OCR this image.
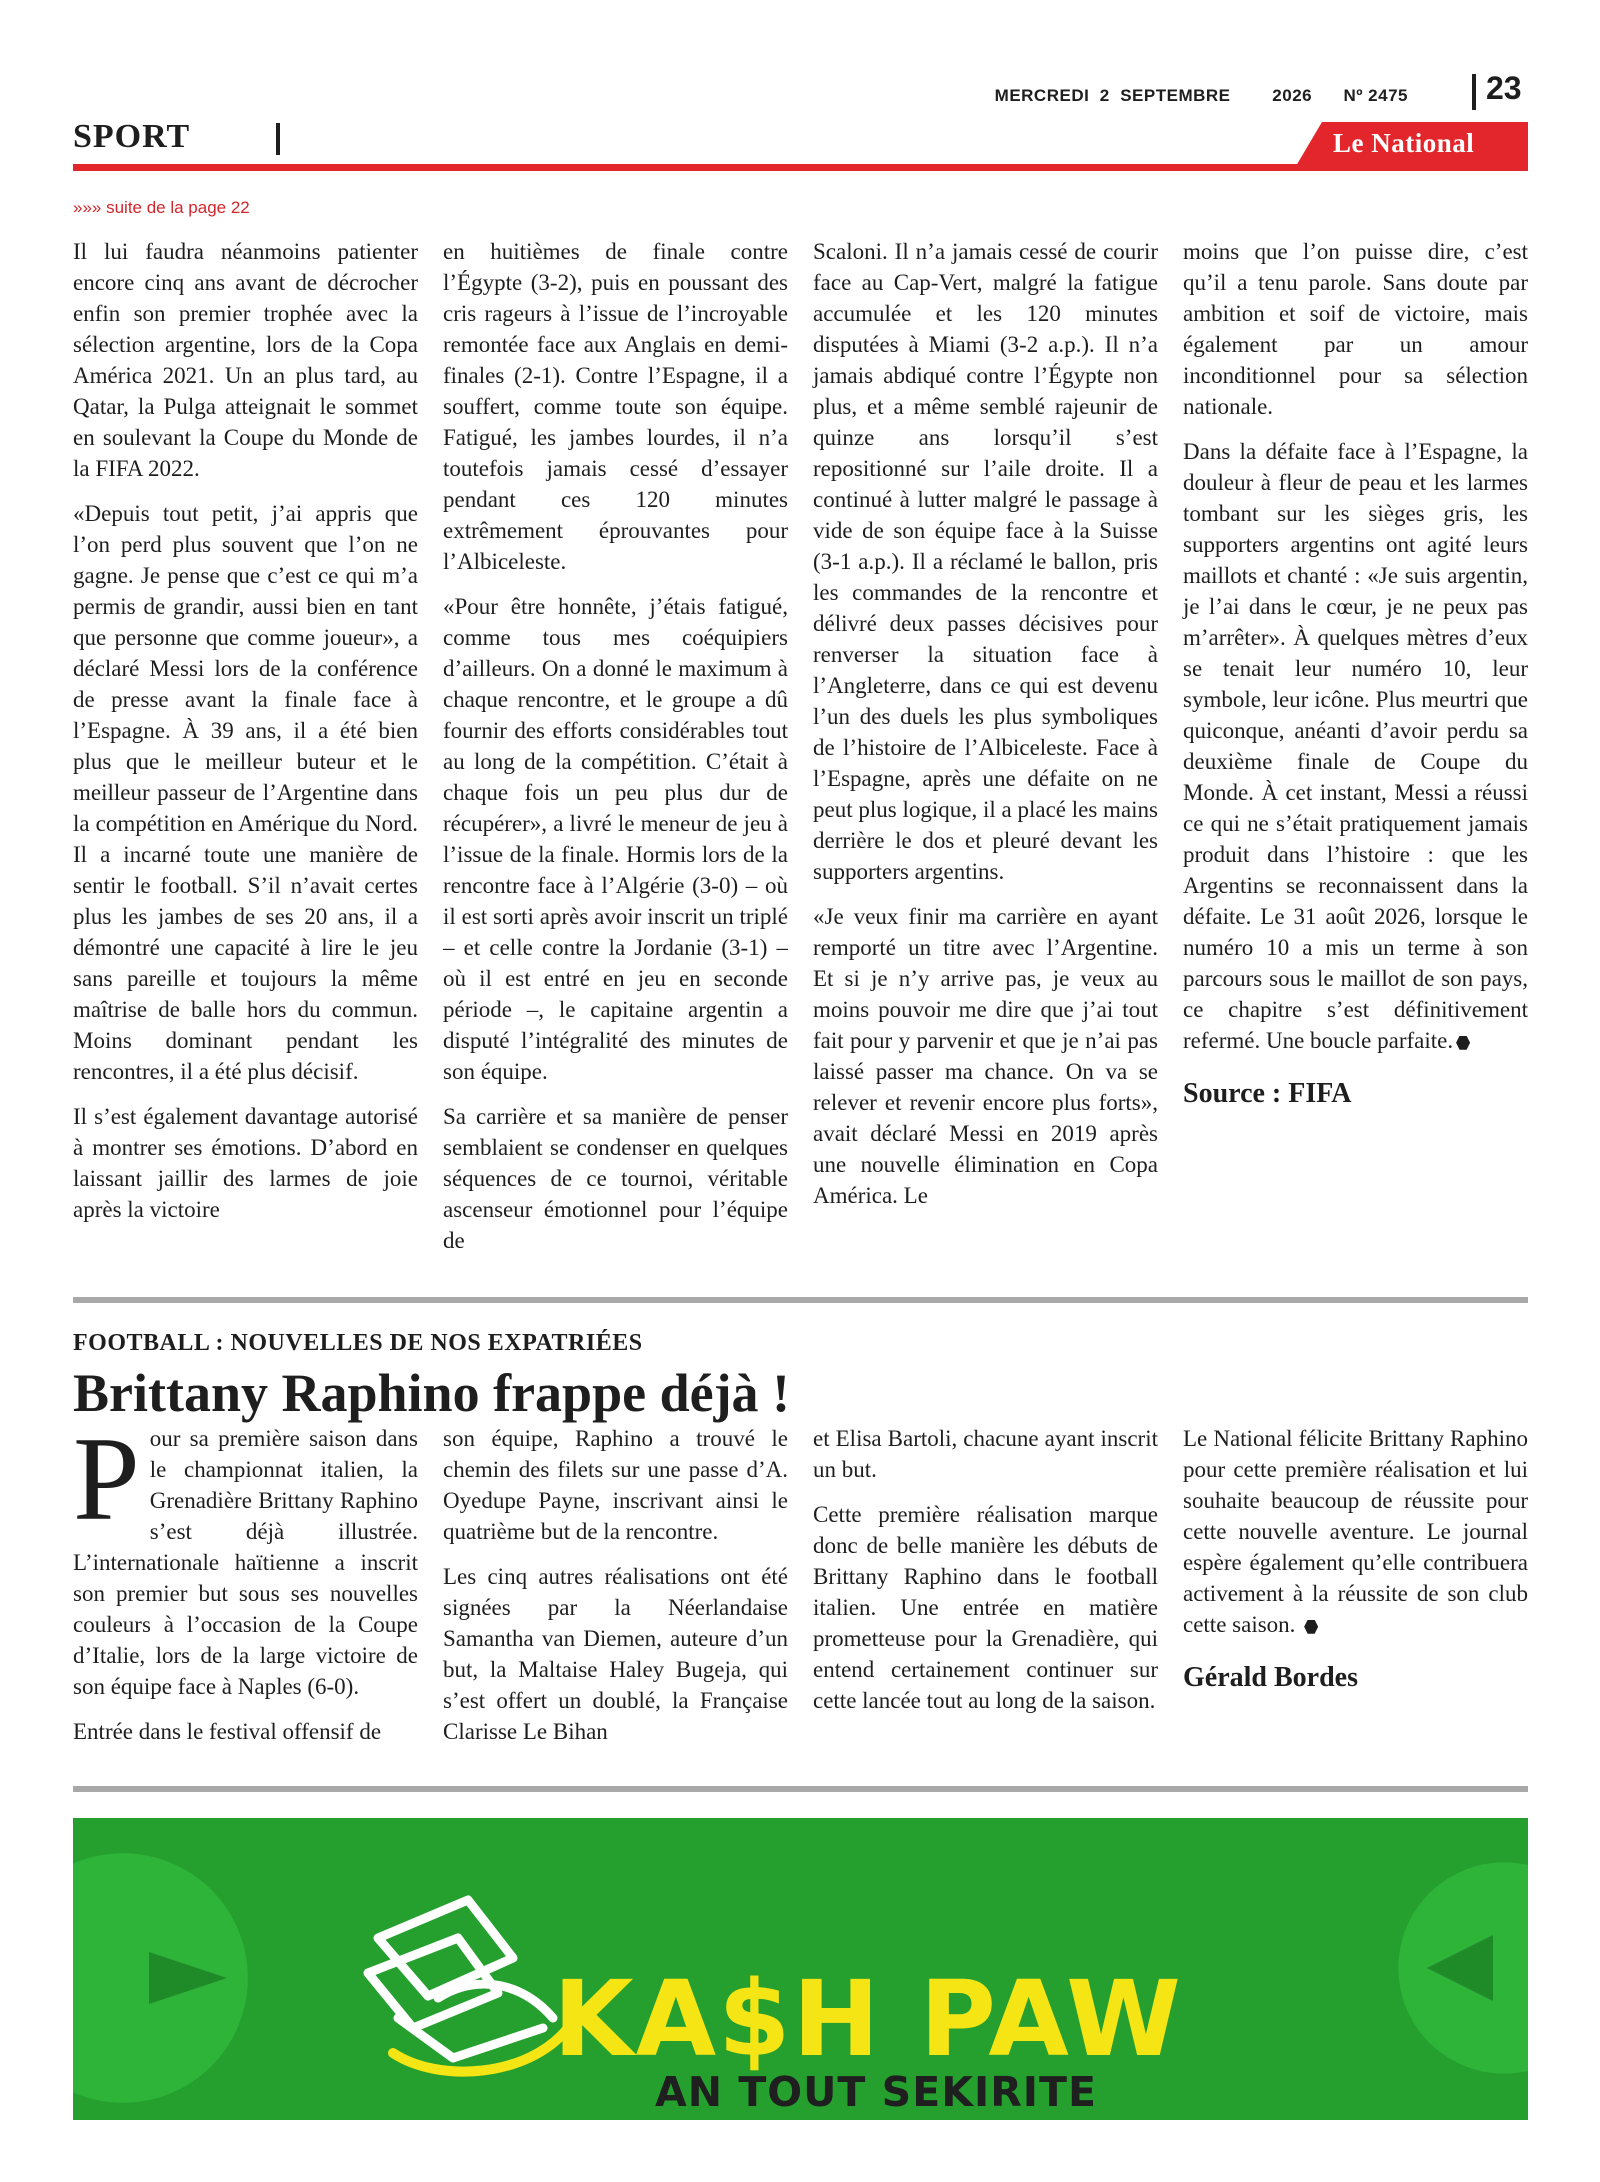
MERCREDI 2 SEPTEMBRE 2026 Nº 2475 23
SPORT	Le National
»»» suite de la page 22

Il lui faudra néanmoins patienter encore cinq ans avant de décrocher enfin son premier trophée avec la sélection argentine, lors de la Copa América 2021. Un an plus tard, au Qatar, la Pulga atteignait le sommet en soulevant la Coupe du Monde de la FIFA 2022.

«Depuis tout petit, j’ai appris que l’on perd plus souvent que l’on ne gagne. Je pense que c’est ce qui m’a permis de grandir, aussi bien en tant que personne que comme joueur», a déclaré Messi lors de la conférence de presse avant la finale face à l’Espagne. À 39 ans, il a été bien plus que le meilleur buteur et le meilleur passeur de l’Argentine dans la compétition en Amérique du Nord. Il a incarné toute une manière de sentir le football. S’il n’avait certes plus les jambes de ses 20 ans, il a démontré une capacité à lire le jeu sans pareille et toujours la même maîtrise de balle hors du commun. Moins dominant pendant les rencontres, il a été plus décisif.

Il s’est également davantage autorisé à montrer ses émotions. D’abord en laissant jaillir des larmes de joie après la victoire

en huitièmes de finale contre l’Égypte (3-2), puis en poussant des cris rageurs à l’issue de l’incroyable remontée face aux Anglais en demi-finales (2-1). Contre l’Espagne, il a souffert, comme toute son équipe. Fatigué, les jambes lourdes, il n’a toutefois jamais cessé d’essayer pendant ces 120 minutes extrêmement éprouvantes pour l’Albiceleste.

«Pour être honnête, j’étais fatigué, comme tous mes coéquipiers d’ailleurs. On a donné le maximum à chaque rencontre, et le groupe a dû fournir des efforts considérables tout au long de la compétition. C’était à chaque fois un peu plus dur de récupérer», a livré le meneur de jeu à l’issue de la finale. Hormis lors de la rencontre face à l’Algérie (3-0) – où il est sorti après avoir inscrit un triplé – et celle contre la Jordanie (3-1) – où il est entré en jeu en seconde période –, le capitaine argentin a disputé l’intégralité des minutes de son équipe.

Sa carrière et sa manière de penser semblaient se condenser en quelques séquences de ce tournoi, véritable ascenseur émotionnel pour l’équipe de

Scaloni. Il n’a jamais cessé de courir face au Cap-Vert, malgré la fatigue accumulée et les 120 minutes disputées à Miami (3-2 a.p.). Il n’a jamais abdiqué contre l’Égypte non plus, et a même semblé rajeunir de quinze ans lorsqu’il s’est repositionné sur l’aile droite. Il a continué à lutter malgré le passage à vide de son équipe face à la Suisse (3-1 a.p.). Il a réclamé le ballon, pris les commandes de la rencontre et délivré deux passes décisives pour renverser la situation face à l’Angleterre, dans ce qui est devenu l’un des duels les plus symboliques de l’histoire de l’Albiceleste. Face à l’Espagne, après une défaite on ne peut plus logique, il a placé les mains derrière le dos et pleuré devant les supporters argentins.

«Je veux finir ma carrière en ayant remporté un titre avec l’Argentine. Et si je n’y arrive pas, je veux au moins pouvoir me dire que j’ai tout fait pour y parvenir et que je n’ai pas laissé passer ma chance. On va se relever et revenir encore plus forts», avait déclaré Messi en 2019 après une nouvelle élimination en Copa América. Le

moins que l’on puisse dire, c’est qu’il a tenu parole. Sans doute par ambition et soif de victoire, mais également par un amour inconditionnel pour sa sélection nationale.

Dans la défaite face à l’Espagne, la douleur à fleur de peau et les larmes tombant sur les sièges gris, les supporters argentins ont agité leurs maillots et chanté : «Je suis argentin, je l’ai dans le cœur, je ne peux pas m’arrêter». À quelques mètres d’eux se tenait leur numéro 10, leur symbole, leur icône. Plus meurtri que quiconque, anéanti d’avoir perdu sa deuxième finale de Coupe du Monde. À cet instant, Messi a réussi ce qui ne s’était pratiquement jamais produit dans l’histoire : que les Argentins se reconnaissent dans la défaite. Le 31 août 2026, lorsque le numéro 10 a mis un terme à son parcours sous le maillot de son pays, ce chapitre s’est définitivement refermé. Une boucle parfaite.

Source : FIFA
FOOTBALL : NOUVELLES DE NOS EXPATRIÉES
Brittany Raphino frappe déjà !

Pour sa première saison dans le championnat italien, la Grenadière Brittany Raphino s’est déjà illustrée. L’internationale haïtienne a inscrit son premier but sous ses nouvelles couleurs à l’occasion de la Coupe d’Italie, lors de la large victoire de son équipe face à Naples (6-0).

Entrée dans le festival offensif de

son équipe, Raphino a trouvé le chemin des filets sur une passe d’A. Oyedupe Payne, inscrivant ainsi le quatrième but de la rencontre.

Les cinq autres réalisations ont été signées par la Néerlandaise Samantha van Diemen, auteure d’un but, la Maltaise Haley Bugeja, qui s’est offert un doublé, la Française Clarisse Le Bihan

et Elisa Bartoli, chacune ayant inscrit un but.

Cette première réalisation marque donc de belle manière les débuts de Brittany Raphino dans le football italien. Une entrée en matière prometteuse pour la Grenadière, qui entend certainement continuer sur cette lancée tout au long de la saison.

Le National félicite Brittany Raphino pour cette première réalisation et lui souhaite beaucoup de réussite pour cette nouvelle aventure. Le journal espère également qu’elle contribuera activement à la réussite de son club cette saison.

Gérald Bordes
KA$H PAW
AN TOUT SEKIRITE
